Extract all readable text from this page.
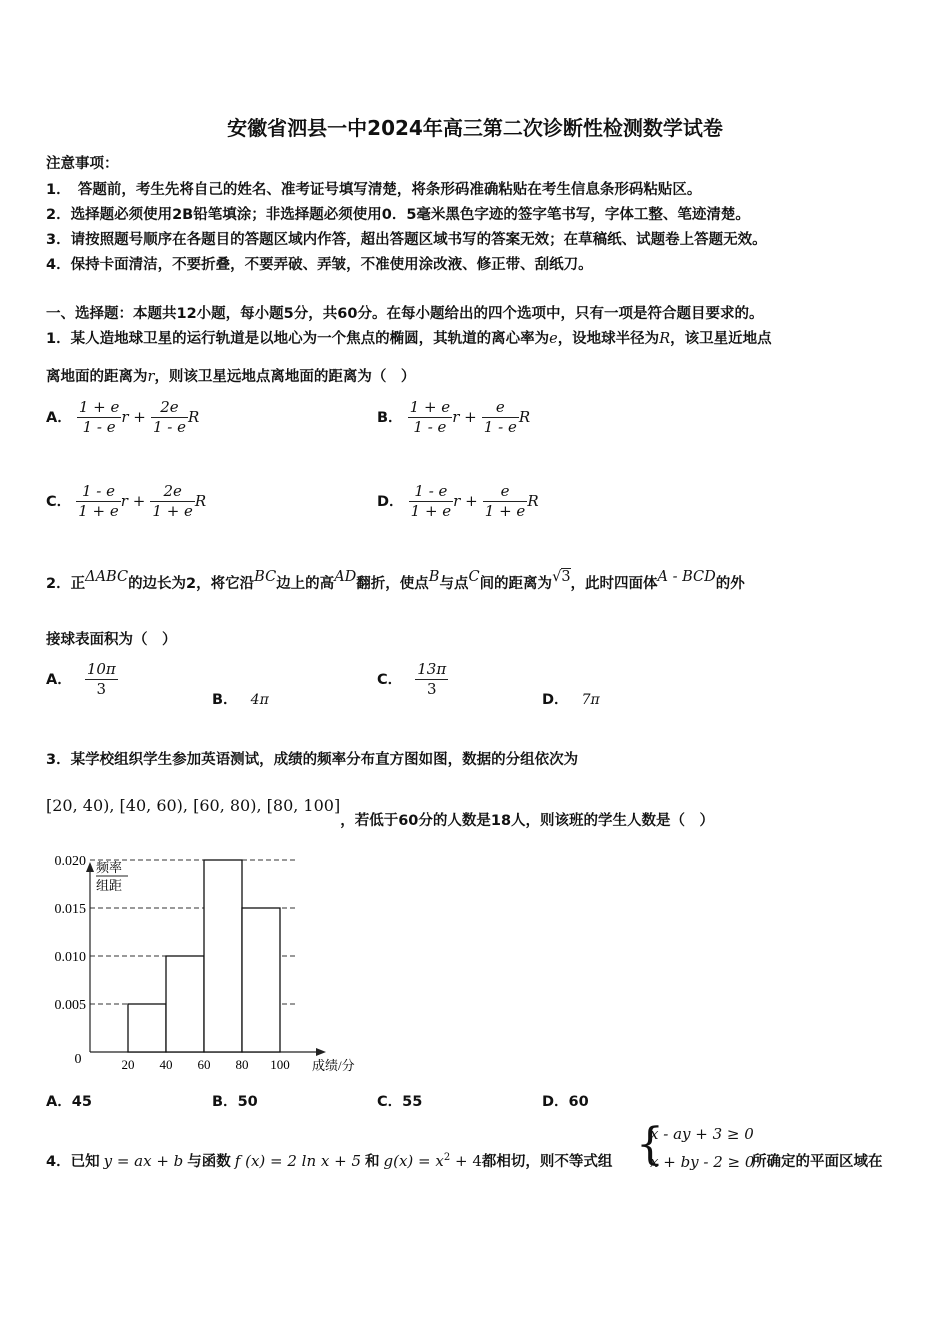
安徽省泗县一中2024年高三第二次诊断性检测数学试卷
注意事项：
1．　答题前，考生先将自己的姓名、准考证号填写清楚，将条形码准确粘贴在考生信息条形码粘贴区。
2．选择题必须使用2B铅笔填涂；非选择题必须使用0．5毫米黑色字迹的签字笔书写，字体工整、笔迹清楚。
3．请按照题号顺序在各题目的答题区域内作答，超出答题区域书写的答案无效；在草稿纸、试题卷上答题无效。
4．保持卡面清洁，不要折叠，不要弄破、弄皱，不准使用涂改液、修正带、刮纸刀。
一、选择题：本题共12小题，每小题5分，共60分。在每小题给出的四个选项中，只有一项是符合题目要求的。
1．某人造地球卫星的运行轨道是以地心为一个焦点的椭圆，其轨道的离心率为e，设地球半径为R，该卫星近地点
离地面的距离为r，则该卫星远地点离地面的距离为（　）
A． $\frac{1 + e}{1 - e}$ $r + \frac{2e}{1 - e}$ R	B． $\frac{1 + e}{1 - e}$ $r + \frac{e}{1 - e}$ R
C． $\frac{1 - e}{1 + e}$ $r + \frac{2e}{1 + e}$ R	D． $\frac{1 - e}{1 + e}$ $r + \frac{e}{1 + e}$ R
2．正ΔABC的边长为2，将它沿BC边上的高AD翻折，使点B与点C间的距离为√3，此时四面体A - BCD的外
接球表面积为（　）
A． $\frac{10\pi}{3}$
B． 4π
C． $\frac{13\pi}{3}$
D． 7π
3．某学校组织学生参加英语测试，成绩的频率分布直方图如图，数据的分组依次为
[20, 40), [40, 60), [60, 80), [80, 100]，若低于60分的人数是18人，则该班的学生人数是（　）
0.005
0.010
0.015
0.020
20 40 60 80 100
0	成绩/分
频率
组距
A．45	B．50	C．55	D．60
4．已知 y = ax + b 与函数 f (x) = 2 ln x + 5 和 $g(x) = x^2 + 4$都相切，则不等式组 {
x - ay + 3 ≥ 0
x + by - 2 ≥ 0
所确定的平面区域在
